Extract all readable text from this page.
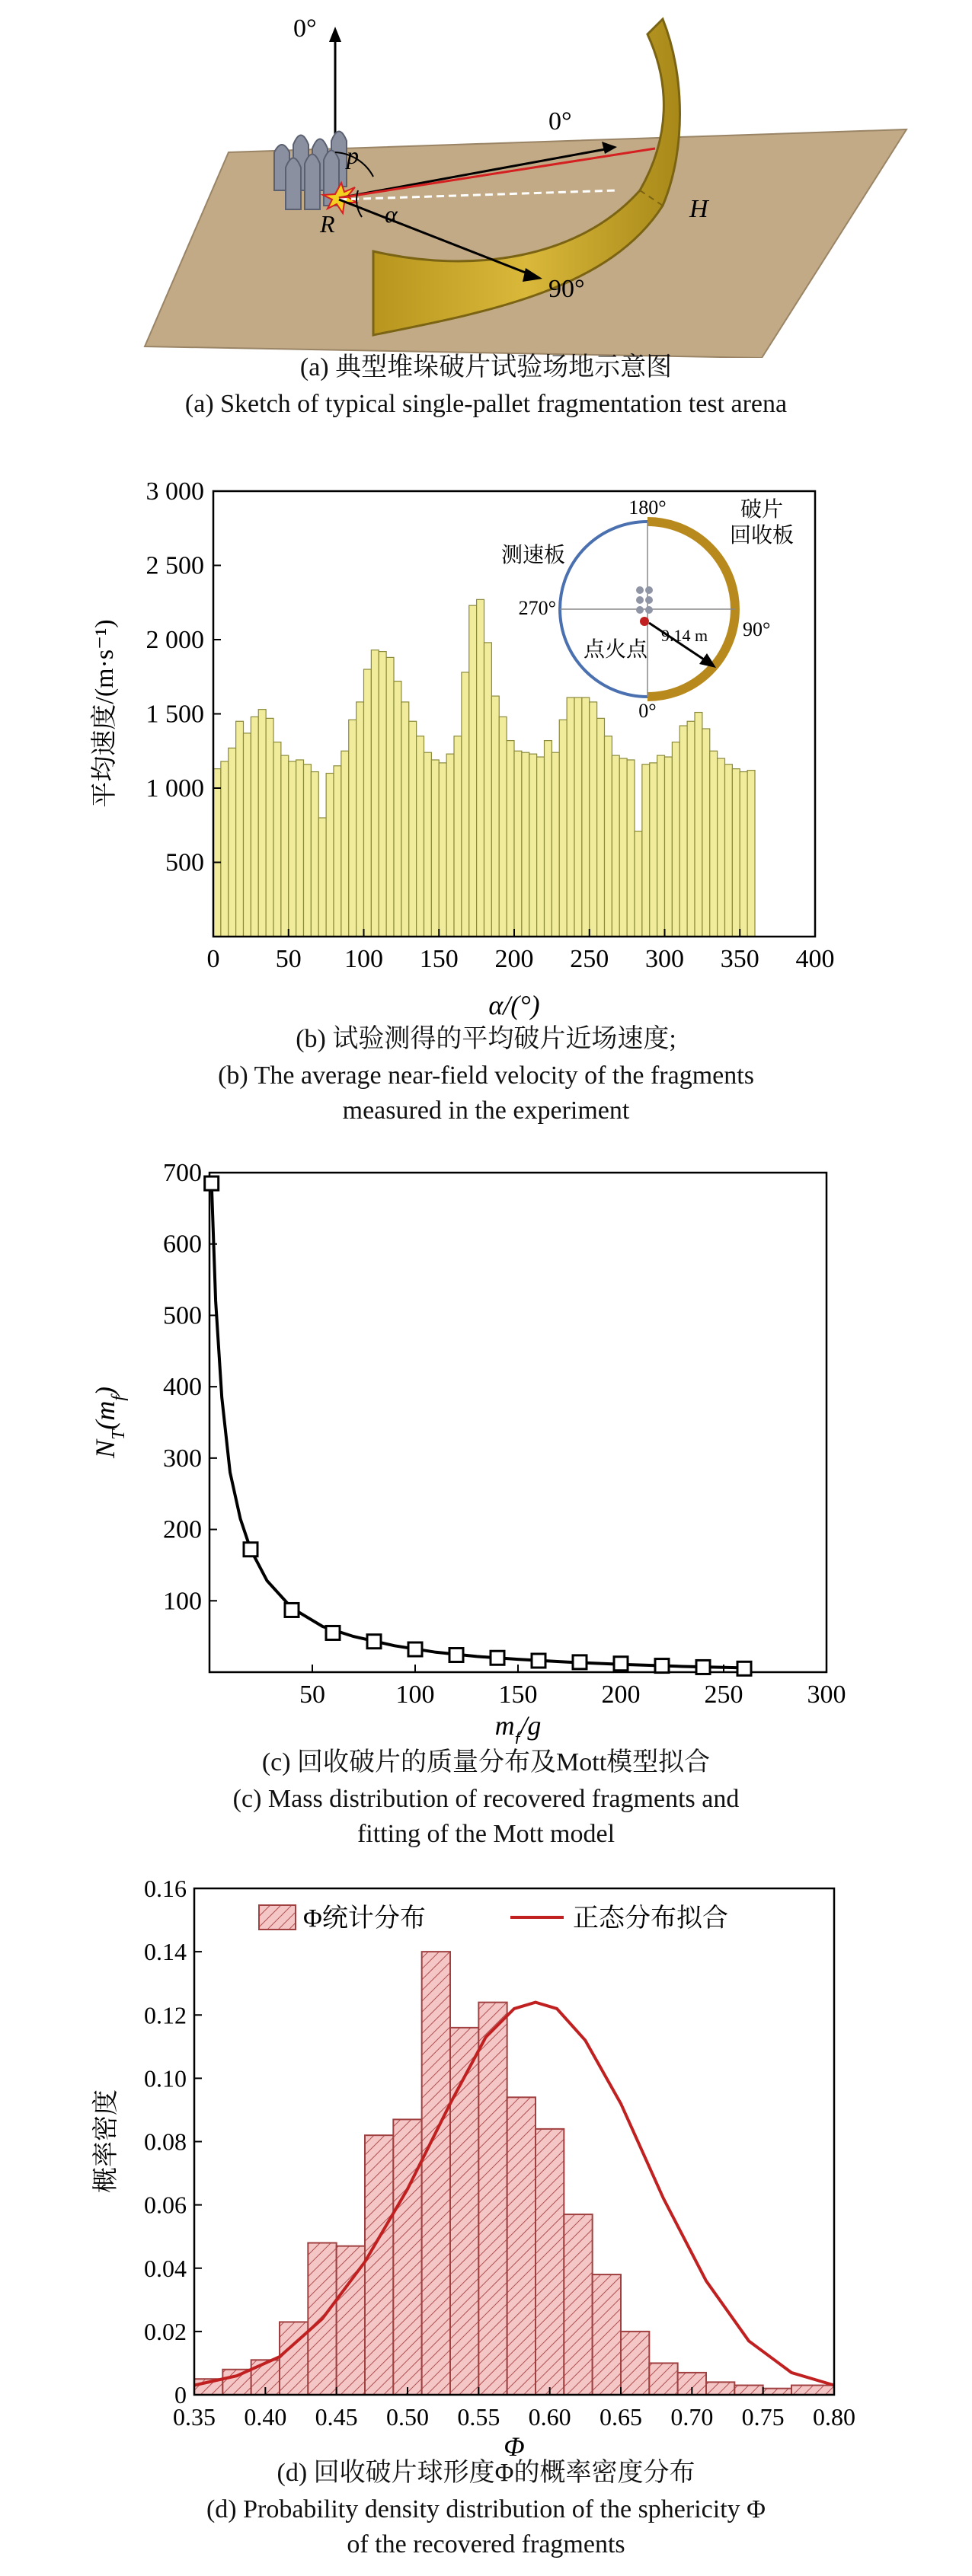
0°
0°
90°
p
R α	H
(a) 典型堆垛破片试验场地示意图
(a) Sketch of typical single-pallet fragmentation test arena
0 50 100 150 200 250 300 350 400
500
1 000
1 500
2 000
2 500
3 000
α/(°)
平均速度/(m·s⁻¹)
180°
0°
270°
90°
测速板
破片
回收板
9.14 m
点火点
(b) 试验测得的平均破片近场速度;
(b) The average near-field velocity of the fragments
measured in the experiment
50	100 150 200 250 300
100
200
300
400
500
600
700
$m_f/g$
$N_T(m_f)$
(c) 回收破片的质量分布及Mott模型拟合
(c) Mass distribution of recovered fragments and
fitting of the Mott model
0.35 0.40 0.45 0.50 0.55 0.60 0.65 0.70 0.75 0.80
0
0.02
0.04
0.06
0.08
0.10
0.12
0.14
0.16
Φ统计分布	正态分布拟合
Φ
概率密度
(d) 回收破片球形度Φ的概率密度分布
(d) Probability density distribution of the sphericity Φ
of the recovered fragments
